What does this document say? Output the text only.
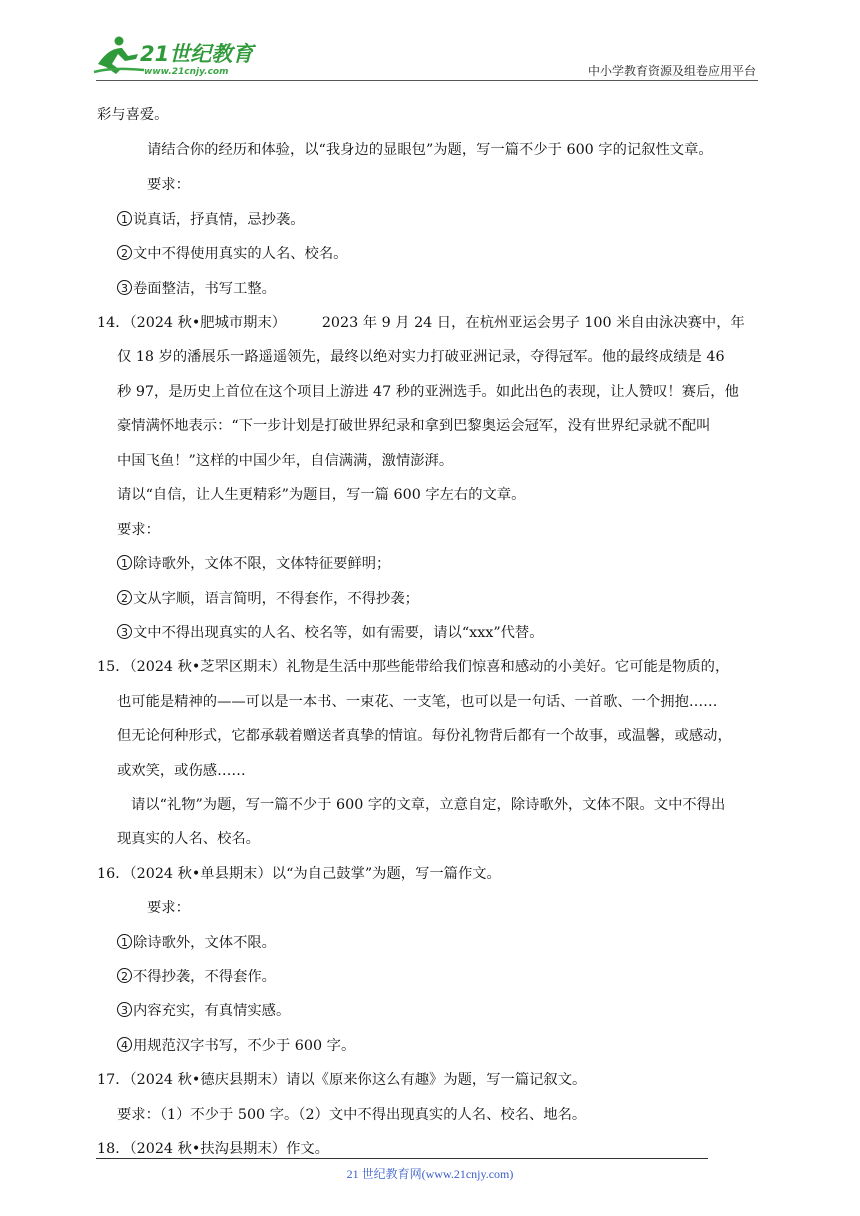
21世纪教育
www.21cnjy.com	中小学教育资源及组卷应用平台
彩与喜爱。
请结合你的经历和体验，以“我身边的显眼包”为题，写一篇不少于 600 字的记叙性文章。
要求：
1 说真话，抒真情，忌抄袭。
2 文中不得使用真实的人名、校名。
3 卷面整洁，书写工整。
14．（2024 秋•肥城市期末）　　　2023 年 9 月 24 日，在杭州亚运会男子 100 米自由泳决赛中，年
仅 18 岁的潘展乐一路遥遥领先，最终以绝对实力打破亚洲记录，夺得冠军。他的最终成绩是 46
秒 97，是历史上首位在这个项目上游进 47 秒的亚洲选手。如此出色的表现，让人赞叹！赛后，他
豪情满怀地表示：“下一步计划是打破世界纪录和拿到巴黎奥运会冠军，没有世界纪录就不配叫
中国飞鱼！”这样的中国少年，自信满满，激情澎湃。
请以“自信，让人生更精彩”为题目，写一篇 600 字左右的文章。
要求：
1 除诗歌外，文体不限，文体特征要鲜明；
2 文从字顺，语言简明，不得套作，不得抄袭；
3 文中不得出现真实的人名、校名等，如有需要，请以“xxx”代替。
15．（2024 秋•芝罘区期末）礼物是生活中那些能带给我们惊喜和感动的小美好。它可能是物质的，
也可能是精神的——可以是一本书、一束花、一支笔，也可以是一句话、一首歌、一个拥抱……
但无论何种形式，它都承载着赠送者真挚的情谊。每份礼物背后都有一个故事，或温馨，或感动，
或欢笑，或伤感……
请以“礼物”为题，写一篇不少于 600 字的文章，立意自定，除诗歌外，文体不限。文中不得出
现真实的人名、校名。
16．（2024 秋•单县期末）以“为自己鼓掌”为题，写一篇作文。
要求：
1 除诗歌外，文体不限。
2 不得抄袭，不得套作。
3 内容充实，有真情实感。
4 用规范汉字书写，不少于 600 字。
17．（2024 秋•德庆县期末）请以《原来你这么有趣》为题，写一篇记叙文。
要求：（1）不少于 500 字。（2）文中不得出现真实的人名、校名、地名。
18．（2024 秋•扶沟县期末）作文。
21 世纪教育网(www.21cnjy.com)
